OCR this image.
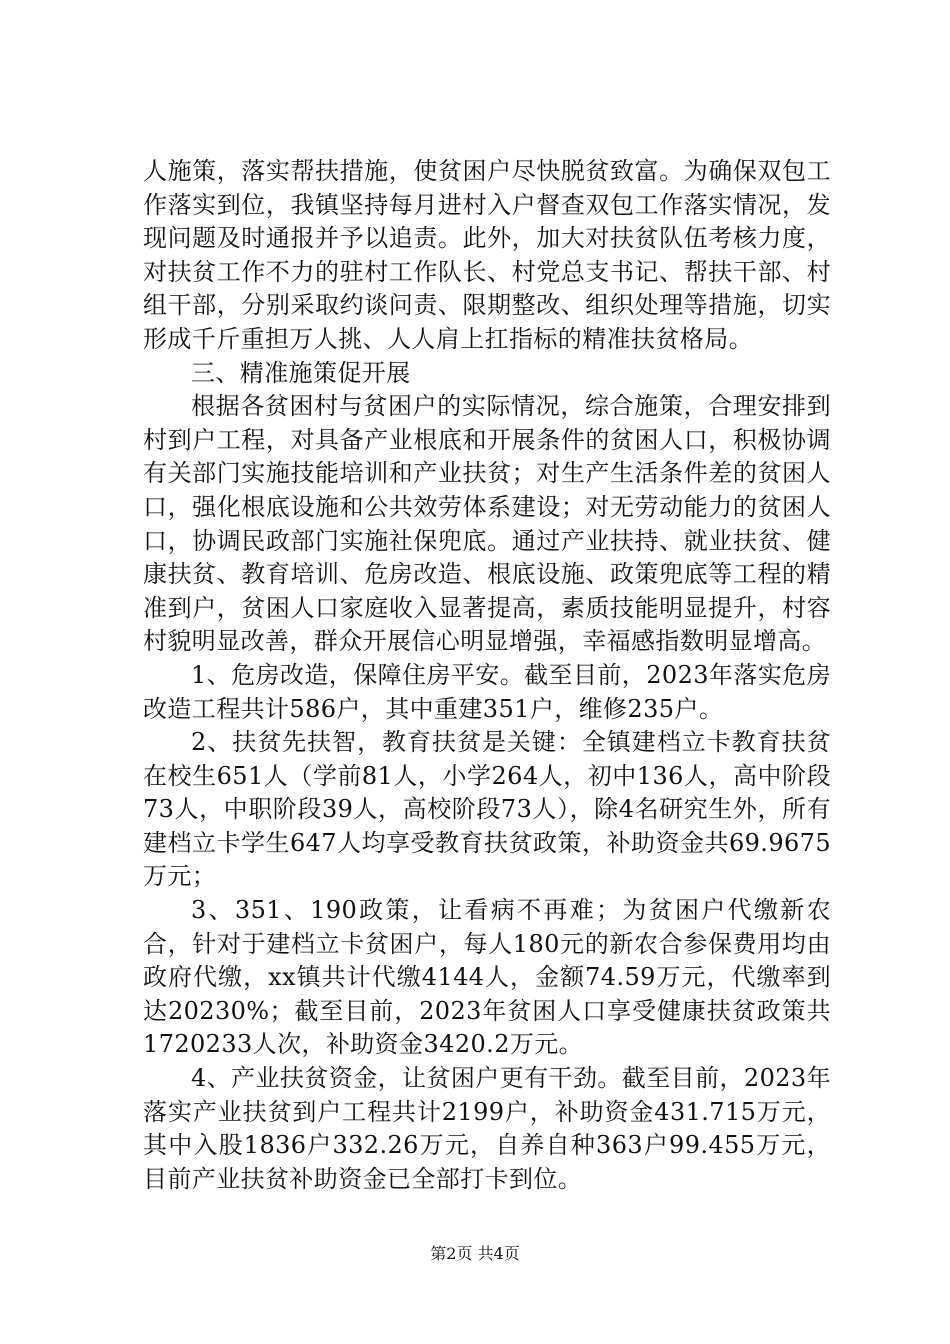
人施策，落实帮扶措施，使贫困户尽快脱贫致富。为确保双包工作落实到位，我镇坚持每月进村入户督查双包工作落实情况，发现问题及时通报并予以追责。此外，加大对扶贫队伍考核力度，对扶贫工作不力的驻村工作队长、村党总支书记、帮扶干部、村组干部，分别采取约谈问责、限期整改、组织处理等措施，切实形成千斤重担万人挑、人人肩上扛指标的精准扶贫格局。

三、精准施策促开展

根据各贫困村与贫困户的实际情况，综合施策，合理安排到村到户工程，对具备产业根底和开展条件的贫困人口，积极协调有关部门实施技能培训和产业扶贫；对生产生活条件差的贫困人口，强化根底设施和公共效劳体系建设；对无劳动能力的贫困人口，协调民政部门实施社保兜底。通过产业扶持、就业扶贫、健康扶贫、教育培训、危房改造、根底设施、政策兜底等工程的精准到户，贫困人口家庭收入显著提高，素质技能明显提升，村容村貌明显改善，群众开展信心明显增强，幸福感指数明显增高。

1、危房改造，保障住房平安。截至目前，2023年落实危房改造工程共计586户，其中重建351户，维修235户。

2、扶贫先扶智，教育扶贫是关键：全镇建档立卡教育扶贫在校生651人（学前81人，小学264人，初中136人，高中阶段73人，中职阶段39人，高校阶段73人），除4名研究生外，所有建档立卡学生647人均享受教育扶贫政策，补助资金共69.9675万元；

3、351、190政策，让看病不再难；为贫困户代缴新农合，针对于建档立卡贫困户，每人180元的新农合参保费用均由政府代缴，xx镇共计代缴4144人，金额74.59万元，代缴率到达20230%；截至目前，2023年贫困人口享受健康扶贫政策共1720233人次，补助资金3420.2万元。

4、产业扶贫资金，让贫困户更有干劲。截至目前，2023年落实产业扶贫到户工程共计2199户，补助资金431.715万元，其中入股1836户332.26万元，自养自种363户99.455万元，目前产业扶贫补助资金已全部打卡到位。

第2页 共4页
